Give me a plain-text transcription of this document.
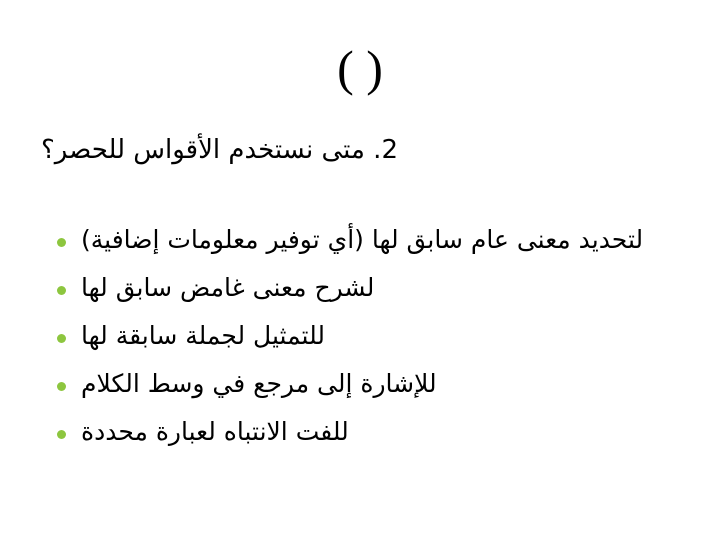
( )
2. متى نستخدم الأقواس للحصر؟
لتحديد معنى عام سابق لها (أي توفير معلومات إضافية)
لشرح معنى غامض سابق لها
للتمثيل لجملة سابقة لها
للإشارة إلى مرجع في وسط الكلام
للفت الانتباه لعبارة محددة
